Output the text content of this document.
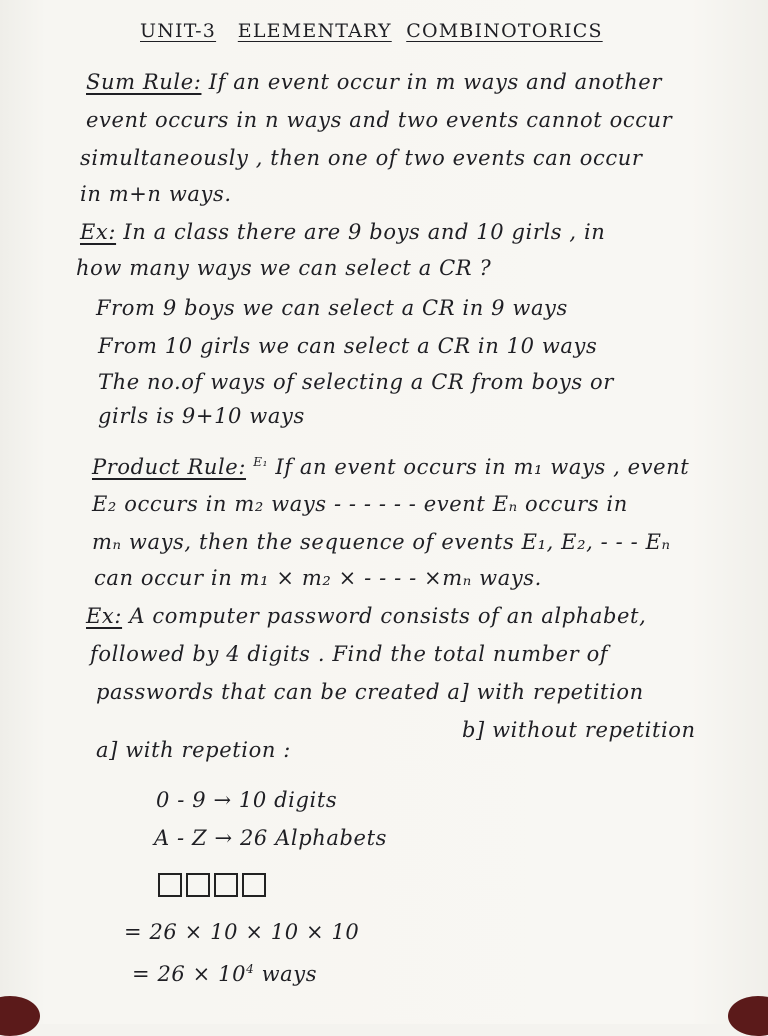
UNIT-3 ELEMENTARY COMBINOTORICS
Sum Rule: If an event occur in m ways and another
event occurs in n ways and two events cannot occur
simultaneously , then one of two events can occur
in m+n ways.
Ex: In a class there are 9 boys and 10 girls , in
how many ways we can select a CR ?
From 9 boys we can select a CR in 9 ways
From 10 girls we can select a CR in 10 ways
The no.of ways of selecting a CR from boys or
girls is 9+10 ways
Product Rule: $^{E_1}$ If an event occurs in m₁ ways , event
E₂ occurs in m₂ ways - - - - - - event Eₙ occurs in
mₙ ways, then the sequence of events E₁, E₂, - - - Eₙ
can occur in m₁ × m₂ × - - - - ×mₙ ways.
Ex: A computer password consists of an alphabet,
followed by 4 digits . Find the total number of
passwords that can be created a] with repetition
b] without repetition
a] with repetion :
0 - 9 → 10 digits
A - Z → 26 Alphabets
= 26 × 10 × 10 × 10
= $26 \times 10^4$ ways
